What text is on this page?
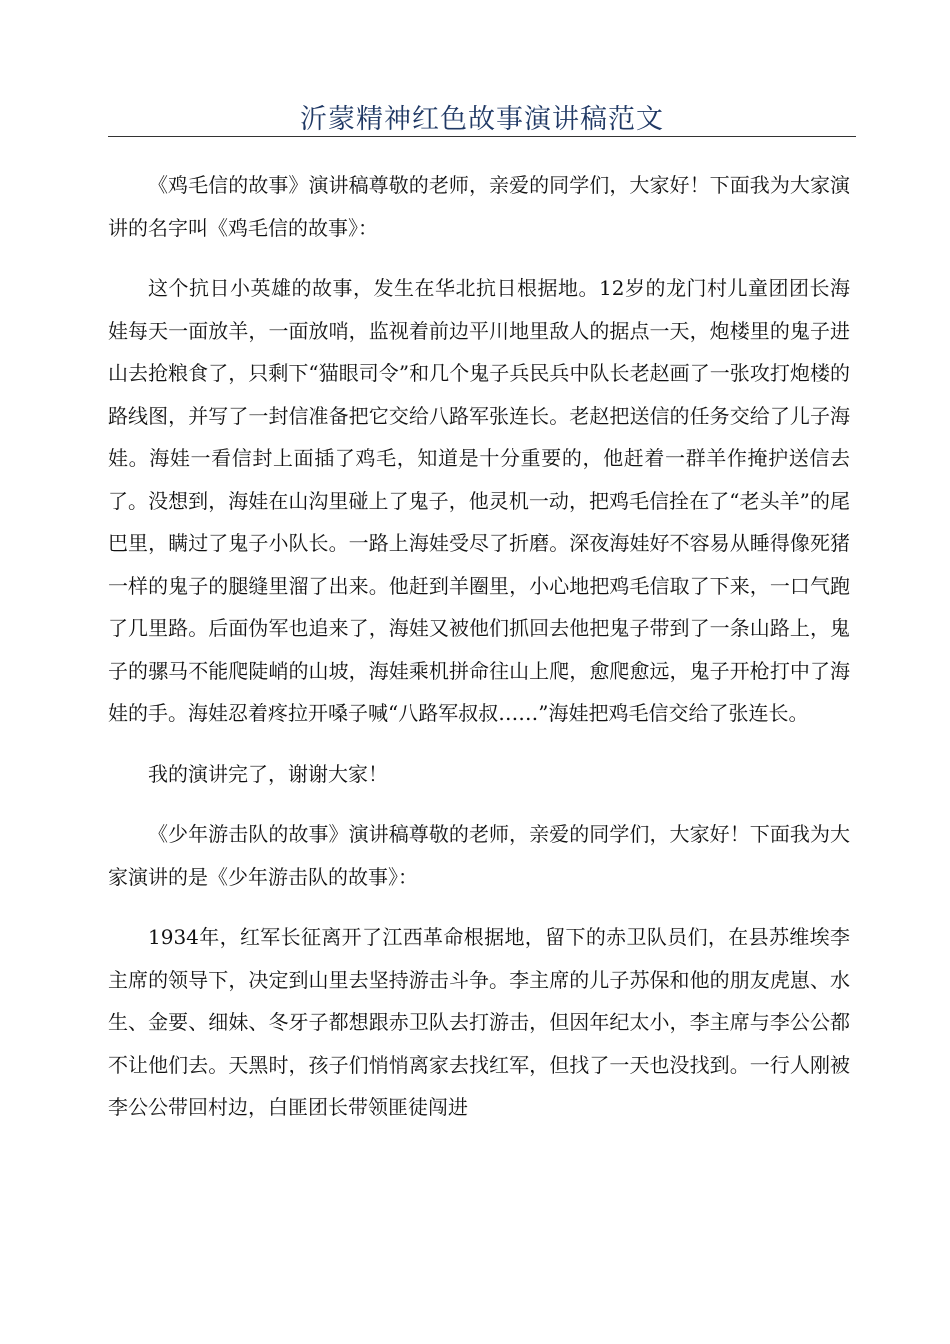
沂蒙精神红色故事演讲稿范文

《鸡毛信的故事》演讲稿尊敬的老师，亲爱的同学们，大家好！下面我为大家演讲的名字叫《鸡毛信的故事》：

这个抗日小英雄的故事，发生在华北抗日根据地。12岁的龙门村儿童团团长海娃每天一面放羊，一面放哨，监视着前边平川地里敌人的据点一天，炮楼里的鬼子进山去抢粮食了，只剩下“猫眼司令”和几个鬼子兵民兵中队长老赵画了一张攻打炮楼的路线图，并写了一封信准备把它交给八路军张连长。老赵把送信的任务交给了儿子海娃。海娃一看信封上面插了鸡毛，知道是十分重要的，他赶着一群羊作掩护送信去了。没想到，海娃在山沟里碰上了鬼子，他灵机一动，把鸡毛信拴在了“老头羊”的尾巴里，瞒过了鬼子小队长。一路上海娃受尽了折磨。深夜海娃好不容易从睡得像死猪一样的鬼子的腿缝里溜了出来。他赶到羊圈里，小心地把鸡毛信取了下来，一口气跑了几里路。后面伪军也追来了，海娃又被他们抓回去他把鬼子带到了一条山路上，鬼子的骡马不能爬陡峭的山坡，海娃乘机拼命往山上爬，愈爬愈远，鬼子开枪打中了海娃的手。海娃忍着疼拉开嗓子喊“八路军叔叔……”海娃把鸡毛信交给了张连长。

我的演讲完了，谢谢大家！

《少年游击队的故事》演讲稿尊敬的老师，亲爱的同学们，大家好！下面我为大家演讲的是《少年游击队的故事》：

1934年，红军长征离开了江西革命根据地，留下的赤卫队员们，在县苏维埃李主席的领导下，决定到山里去坚持游击斗争。李主席的儿子苏保和他的朋友虎崽、水生、金要、细妹、冬牙子都想跟赤卫队去打游击，但因年纪太小，李主席与李公公都不让他们去。天黑时，孩子们悄悄离家去找红军，但找了一天也没找到。一行人刚被李公公带回村边，白匪团长带领匪徒闯进
